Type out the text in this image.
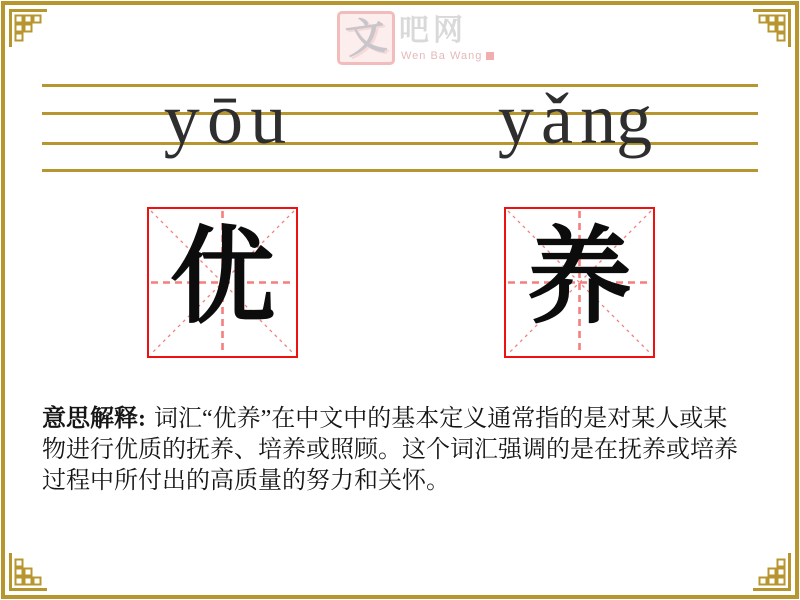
文 吧网
Wen Ba Wang
y ō u	y ǎ ng
优 养
意思解释: 词汇“优养”在中文中的基本定义通常指的是对某人或某
物进行优质的抚养、培养或照顾。这个词汇强调的是在抚养或培养
过程中所付出的高质量的努力和关怀。
